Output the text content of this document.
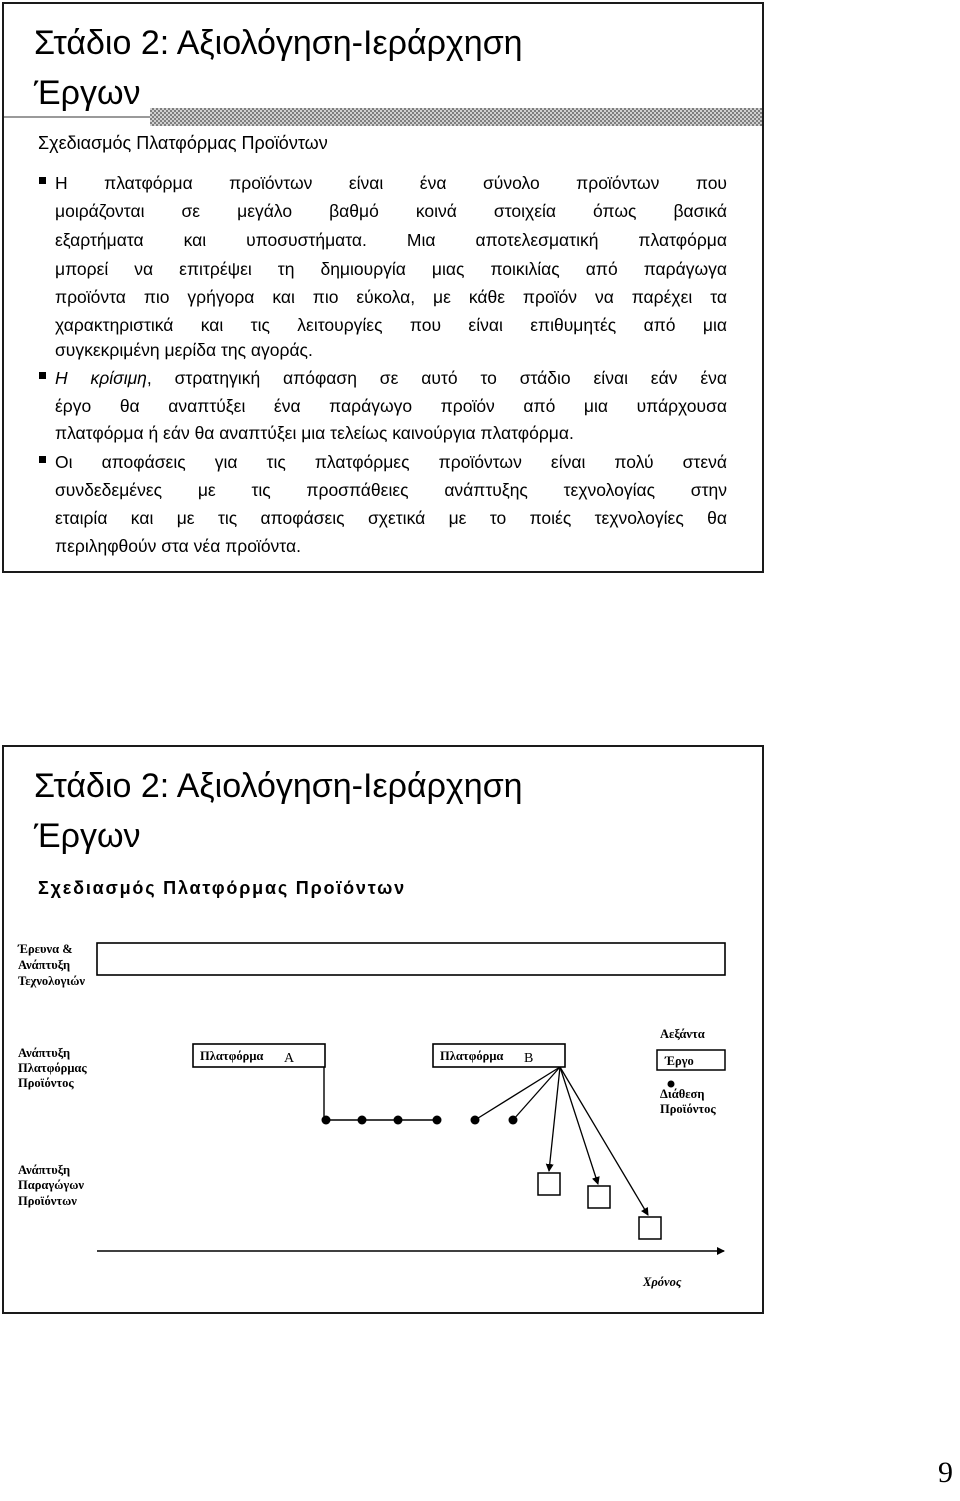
Στάδιο 2: Αξιολόγηση-Ιεράρχηση
Έργων
Σχεδιασμός Πλατφόρμας Προϊόντων
Η πλατφόρμα προϊόντων είναι ένα σύνολο προϊόντων που
μοιράζονται σε μεγάλο βαθμό κοινά στοιχεία όπως βασικά
εξαρτήματα και υποσυστήματα. Μια αποτελεσματική πλατφόρμα
μπορεί να επιτρέψει τη δημιουργία μιας ποικιλίας από παράγωγα
προϊόντα πιο γρήγορα και πιο εύκολα, με κάθε προϊόν να παρέχει τα
χαρακτηριστικά και τις λειτουργίες που είναι επιθυμητές από μια
συγκεκριμένη μερίδα της αγοράς.
Η κρίσιμη, στρατηγική απόφαση σε αυτό το στάδιο είναι εάν ένα
έργο θα αναπτύξει ένα παράγωγο προϊόν από μια υπάρχουσα
πλατφόρμα ή εάν θα αναπτύξει μια τελείως καινούργια πλατφόρμα.
Οι αποφάσεις για τις πλατφόρμες προϊόντων είναι πολύ στενά
συνδεδεμένες με τις προσπάθειες ανάπτυξης τεχνολογίας στην
εταιρία και με τις αποφάσεις σχετικά με το ποιές τεχνολογίες θα
περιληφθούν στα νέα προϊόντα.
Στάδιο 2: Αξιολόγηση-Ιεράρχηση
Έργων
Σχεδιασμός Πλατφόρμας Προϊόντων
Έρευνα &
Ανάπτυξη
Τεχνολογιών
Ανάπτυξη
Πλατφόρμας
Προϊόντος
Ανάπτυξη
Παραγώγων
Προϊόντων
Πλατφόρμα A	Πλατφόρμα B
Αεξάντα
Έργο
Διάθεση
Προϊόντος
Χρόνος
9
